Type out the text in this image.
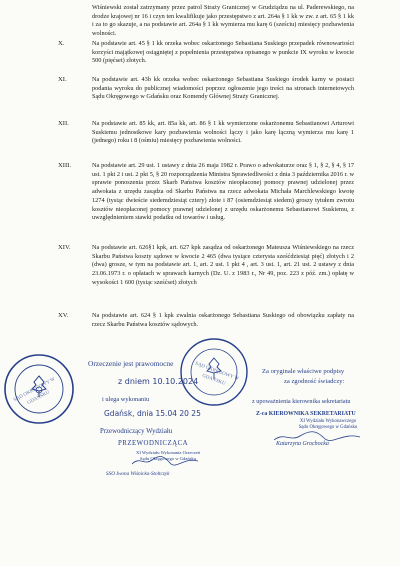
Wiśniewski został zatrzymany przez patrol Straży Granicznej w Grudziądzu na ul. Paderewskiego, na drodze krajowej nr 16 i czyn ten kwalifikuje jako przestępstwo z art. 264a § 1 kk w zw. z art. 65 § 1 kk i za to go skazuje, a na podstawie art. 264a § 1 kk wymierza mu karę 6 (sześciu) miesięcy pozbawienia wolności.
X.	Na podstawie art. 45 § 1 kk orzeka wobec oskarżonego Sebastiana Suskiego przepadek równowartości korzyści majątkowej osiągniętej z popełnienia przestępstwa opisanego w punkcie IX wyroku w kwocie 500 (pięćset) złotych.
XI.	Na podstawie art. 43b kk orzeka wobec oskarżonego Sebastiana Suskiego środek karny w postaci podania wyroku do publicznej wiadomości poprzez ogłoszenie jego treści na stronach internetowych Sądu Okręgowego w Gdańsku oraz Komendy Głównej Straży Granicznej.
XII.	Na podstawie art. 85 kk, art. 85a kk, art. 86 § 1 kk wymierzone oskarżonemu Sebastianowi Arturowi Suskiemu jednostkowe kary pozbawienia wolności łączy i jako karę łączną wymierza mu karę 1 (jednego) roku i 8 (ośmiu) miesięcy pozbawienia wolności.
XIII.	Na podstawie art. 29 ust. 1 ustawy z dnia 26 maja 1982 r. Prawo o adwokaturze oraz § 1, § 2, § 4, § 17 ust. 1 pkt 2 i ust. 2 pkt 5, § 20 rozporządzenia Ministra Sprawiedliwości z dnia 3 października 2016 r. w sprawie ponoszenia przez Skarb Państwa kosztów nieopłaconej pomocy prawnej udzielonej przez adwokata z urzędu zasądza od Skarbu Państwa na rzecz adwokata Michała Marchlewskiego kwotę 1274 (tysiąc dwieście siedemdziesiąt cztery) złote i 87 (osiemdziesiąt siedem) groszy tytułem zwrotu kosztów nieopłaconej pomocy prawnej udzielonej z urzędu oskarżonemu Sebastianowi Suskiemu, z uwzględnieniem stawki podatku od towarów i usług.
XIV.	Na podstawie art. 626§1 kpk, art. 627 kpk zasądza od oskarżonego Mateusza Wiśniewskiego na rzecz Skarbu Państwa koszty sądowe w kwocie 2 465 (dwa tysiące czterysta sześćdziesiąt pięć) złotych i 2 (dwa) grosze, w tym na podstawie art. 1, art. 2 ust. 1 pkt 4 , art. 3 ust. 1, art. 21 ust. 2 ustawy z dnia 23.06.1973 r. o opłatach w sprawach karnych (Dz. U. z 1983 r., Nr 49, poz. 223 z póź. zm.) opłatę w wysokości 1 600 (tysiąc sześćset) złotych
XV.	Na podstawie art. 624 § 1 kpk zwalnia oskarżonego Sebastiana Suskiego od obowiązku zapłaty na rzecz Skarbu Państwa kosztów sądowych.
SĄD OKRĘGOWY W GDAŃSKU
SĄD OKRĘGOWY W GDAŃSKU
Orzeczenie jest prawomocne
z dniem 10.10.2024
i ulega wykonaniu
Gdańsk, dnia 15.04 20 25
Przewodniczący Wydziału
PRZEWODNICZĄCA
XI Wydziału Wykonania Orzeczeń
Sądu Okręgowego w Gdańsku
SSO Iwona Wiśnicka-Stoltczyk
Za oryginale właściwe podpisy
za zgodność świadczy:
z upoważnienia kierownika sekretariatu
Z-ca KIEROWNIKA SEKRETARIATU
XI Wydziału Wykonawczego
Sądu Okręgowego w Gdańsku
Katarzyna Grochocka
